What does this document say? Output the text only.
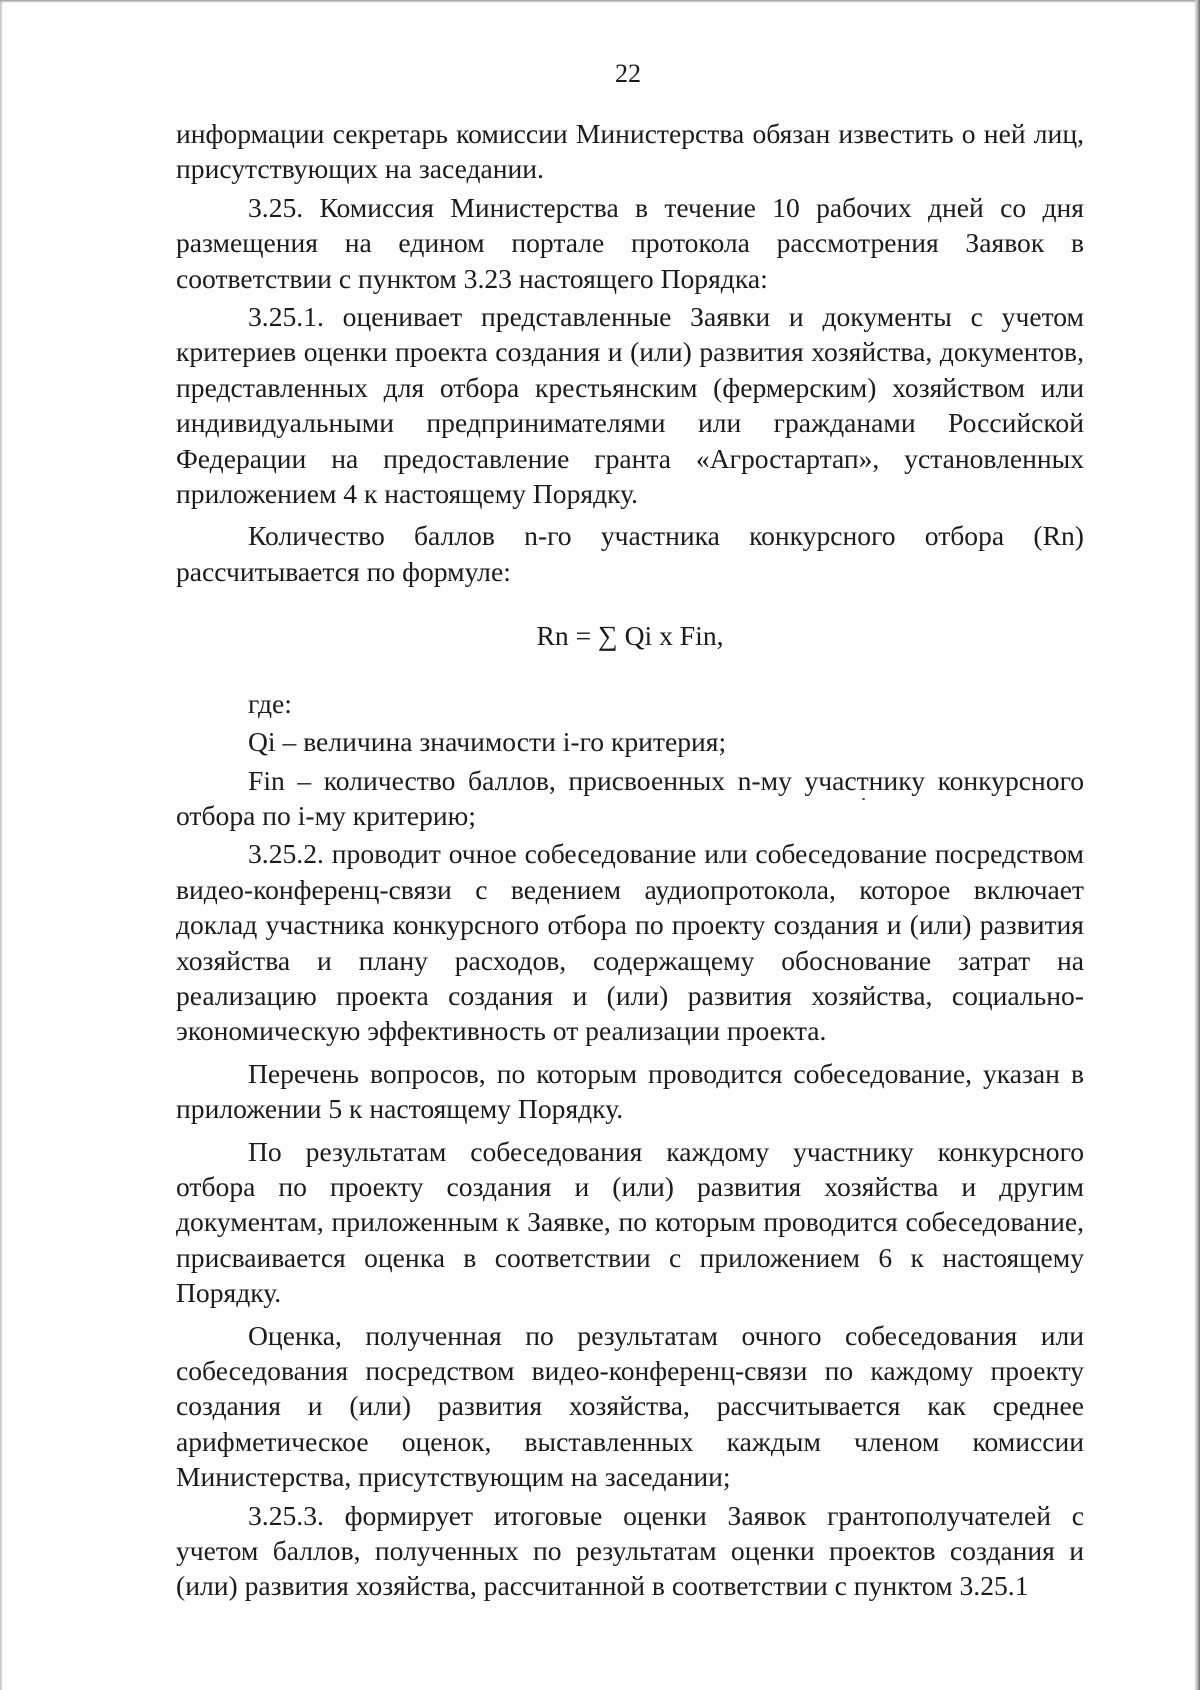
22

информации секретарь комиссии Министерства обязан известить о ней лиц, присутствующих на заседании.

3.25. Комиссия Министерства в течение 10 рабочих дней со дня размещения на едином портале протокола рассмотрения Заявок в соответствии с пунктом 3.23 настоящего Порядка:

3.25.1. оценивает представленные Заявки и документы с учетом критериев оценки проекта создания и (или) развития хозяйства, документов, представленных для отбора крестьянским (фермерским) хозяйством или индивидуальными предпринимателями или гражданами Российской Федерации на предоставление гранта «Агростартап», установленных приложением 4 к настоящему Порядку.

Количество баллов n-го участника конкурсного отбора (Rn) рассчитывается по формуле:

Rn = ∑ Qi x Fin,

где:

Qi – величина значимости i-го критерия;

Fin – количество баллов, присвоенных n-му участнику конкурсного отбора по i-му критерию;

3.25.2. проводит очное собеседование или собеседование посредством видео-конференц-связи с ведением аудиопротокола, которое включает доклад участника конкурсного отбора по проекту создания и (или) развития хозяйства и плану расходов, содержащему обоснование затрат на реализацию проекта создания и (или) развития хозяйства, социально-экономическую эффективность от реализации проекта.

Перечень вопросов, по которым проводится собеседование, указан в приложении 5 к настоящему Порядку.

По результатам собеседования каждому участнику конкурсного отбора по проекту создания и (или) развития хозяйства и другим документам, приложенным к Заявке, по которым проводится собеседование, присваивается оценка в соответствии с приложением 6 к настоящему Порядку.

Оценка, полученная по результатам очного собеседования или собеседования посредством видео-конференц-связи по каждому проекту создания и (или) развития хозяйства, рассчитывается как среднее арифметическое оценок, выставленных каждым членом комиссии Министерства, присутствующим на заседании;

3.25.3. формирует итоговые оценки Заявок грантополучателей с учетом баллов, полученных по результатам оценки проектов создания и (или) развития хозяйства, рассчитанной в соответствии с пунктом 3.25.1
